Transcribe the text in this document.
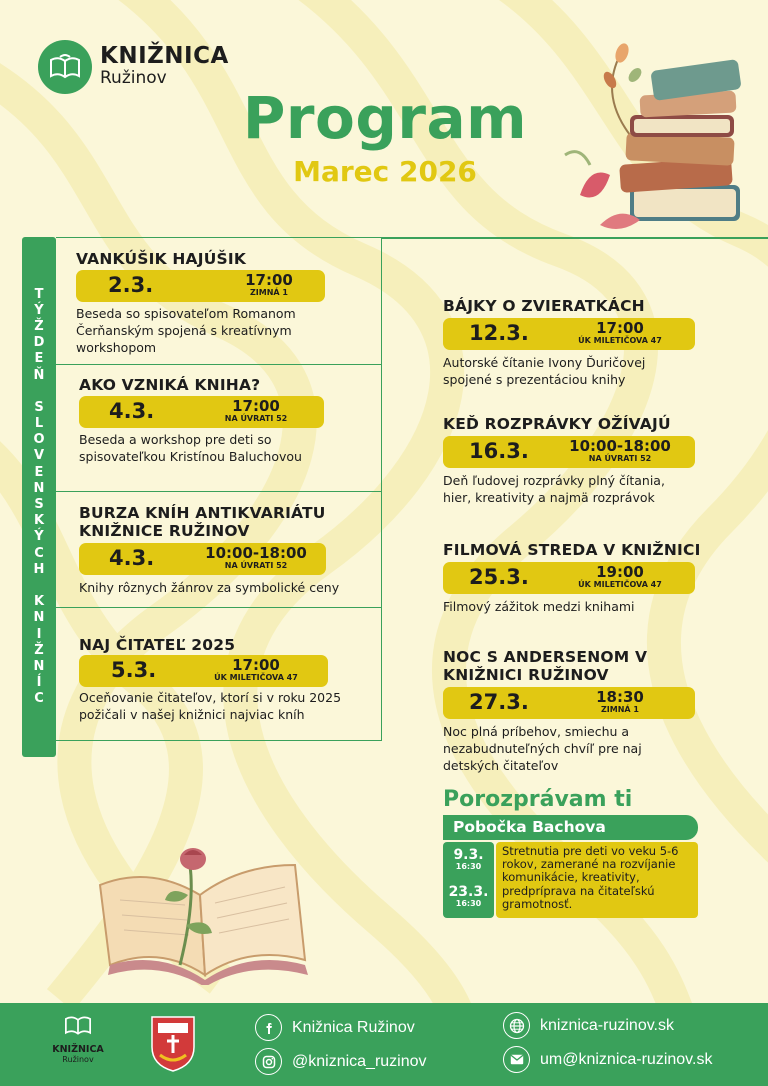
KNIŽNICA
Ružinov
Program
Marec 2026
T
Ý
Ž
D
E
Ň
S
L
O
V
E
N
S
K
Ý
C
H
K
N
I
Ž
N
Í
C
VANKÚŠIK HAJÚŠIK
2.3.	17:00
ZIMNÁ 1
Beseda so spisovateľom Romanom Čerňanským spojená s kreatívnym workshopom
AKO VZNIKÁ KNIHA?
4.3.	17:00
NA ÚVRATI 52
Beseda a workshop pre deti so spisovateľkou Kristínou Baluchovou
BURZA KNÍH ANTIKVARIÁTU KNIŽNICE RUŽINOV
4.3.	10:00-18:00
NA ÚVRATI 52
Knihy rôznych žánrov za symbolické ceny
NAJ ČITATEĽ 2025
5.3.	17:00
ÚK MILETIČOVA 47
Oceňovanie čitateľov, ktorí si v roku 2025 požičali v našej knižnici najviac kníh
BÁJKY O ZVIERATKÁCH
12.3.	17:00
ÚK MILETIČOVA 47
Autorské čítanie Ivony Ďuričovej spojené s prezentáciou knihy
KEĎ ROZPRÁVKY OŽÍVAJÚ
16.3.	10:00-18:00
NA ÚVRATI 52
Deň ľudovej rozprávky plný čítania, hier, kreativity a najmä rozprávok
FILMOVÁ STREDA V KNIŽNICI
25.3.	19:00
ÚK MILETIČOVA 47
Filmový zážitok medzi knihami
NOC S ANDERSENOM V KNIŽNICI RUŽINOV
27.3.	18:30
ZIMNÁ 1
Noc plná príbehov, smiechu a nezabudnuteľných chvíľ pre naj detských čitateľov
Porozprávam ti
Pobočka Bachova
9.3.
16:30
23.3.
16:30
Stretnutia pre deti vo veku 5-6 rokov, zamerané na rozvíjanie komunikácie, kreativity, predpríprava na čitateľskú gramotnosť.
KNIŽNICA
Ružinov
Knižnica Ružinov
@kniznica_ruzinov
kniznica-ruzinov.sk
um@kniznica-ruzinov.sk
